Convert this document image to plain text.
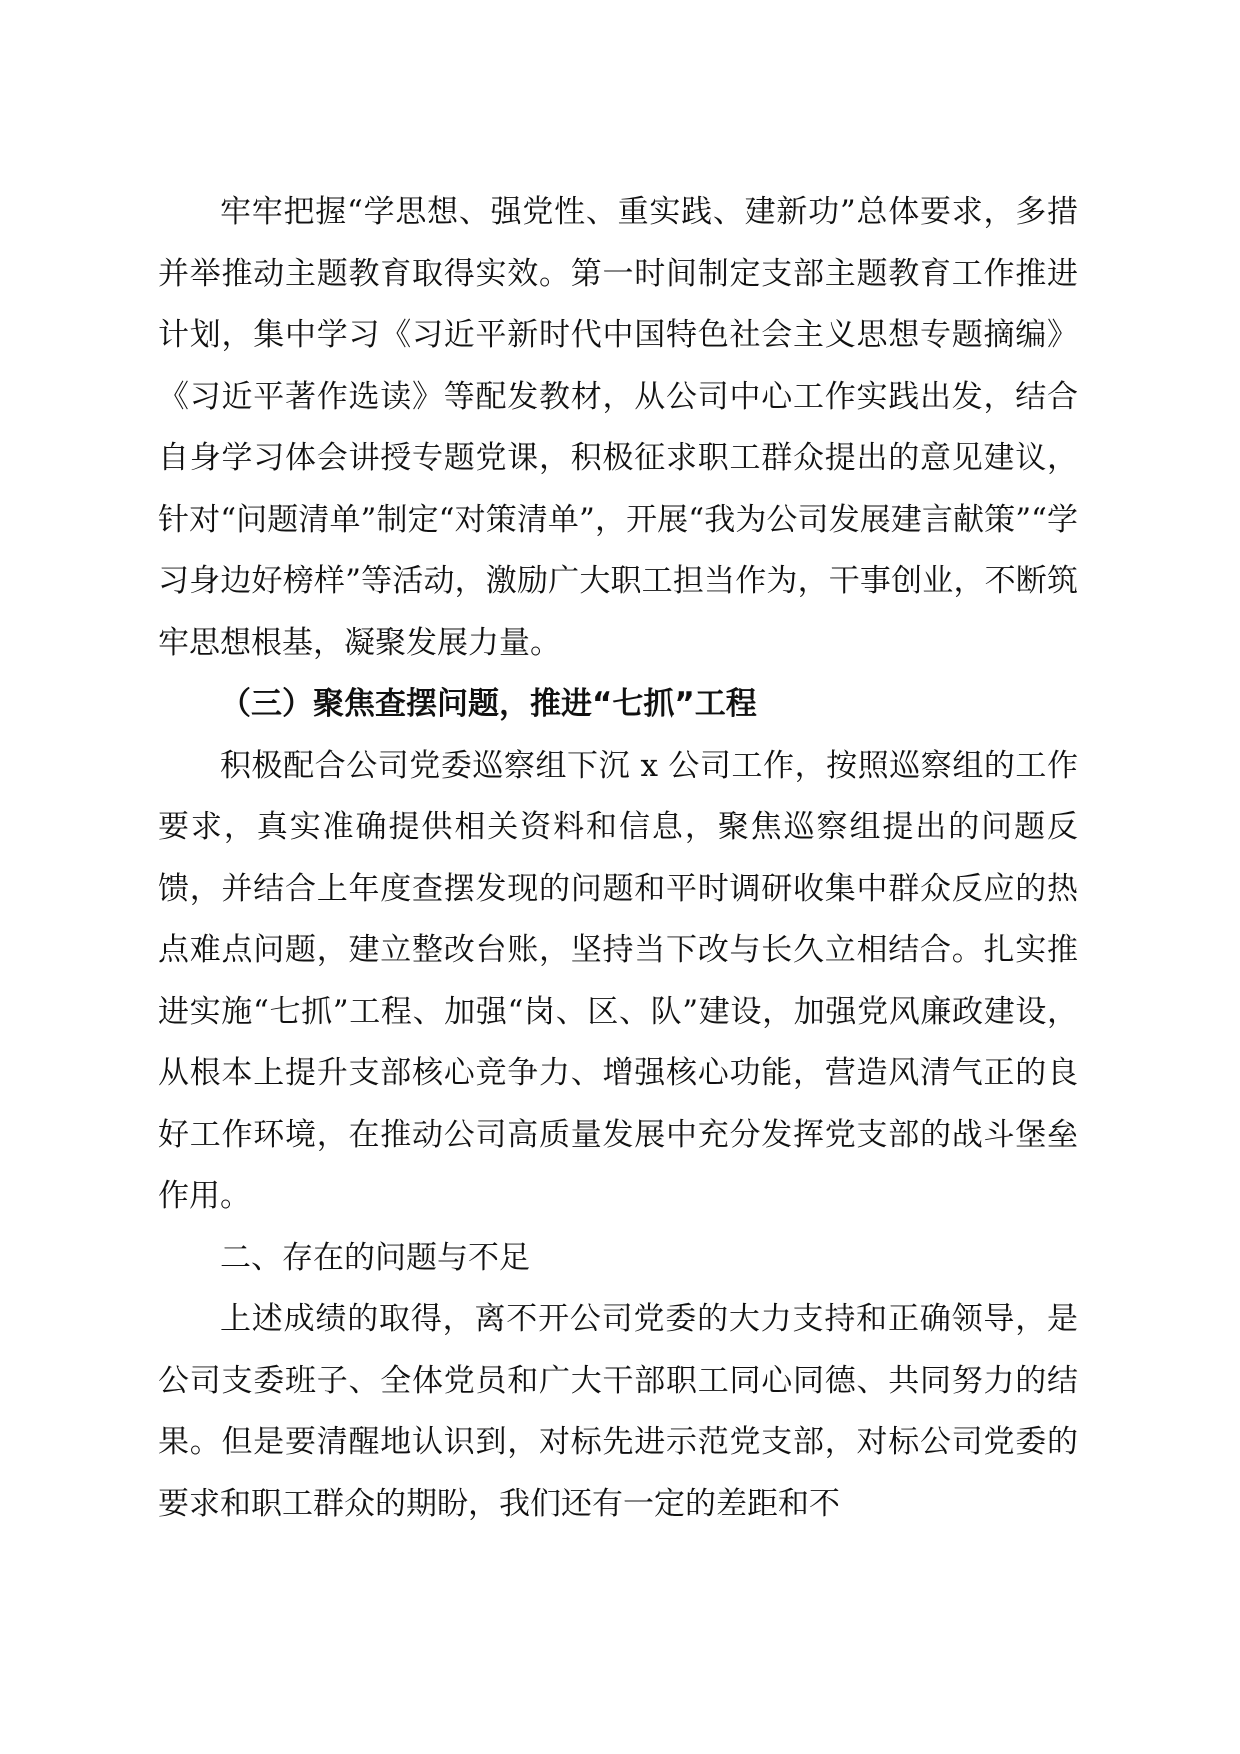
牢牢把握“学思想、强党性、重实践、建新功”总体要求，多措并举推动主题教育取得实效。第一时间制定支部主题教育工作推进计划，集中学习《习近平新时代中国特色社会主义思想专题摘编》《习近平著作选读》等配发教材，从公司中心工作实践出发，结合自身学习体会讲授专题党课，积极征求职工群众提出的意见建议，针对“问题清单”制定“对策清单”，开展“我为公司发展建言献策”“学习身边好榜样”等活动，激励广大职工担当作为，干事创业，不断筑牢思想根基，凝聚发展力量。

（三）聚焦查摆问题，推进“七抓”工程

积极配合公司党委巡察组下沉 x 公司工作，按照巡察组的工作要求，真实准确提供相关资料和信息，聚焦巡察组提出的问题反馈，并结合上年度查摆发现的问题和平时调研收集中群众反应的热点难点问题，建立整改台账，坚持当下改与长久立相结合。扎实推进实施“七抓”工程、加强“岗、区、队”建设，加强党风廉政建设，从根本上提升支部核心竞争力、增强核心功能，营造风清气正的良好工作环境，在推动公司高质量发展中充分发挥党支部的战斗堡垒作用。

二、存在的问题与不足

上述成绩的取得，离不开公司党委的大力支持和正确领导，是公司支委班子、全体党员和广大干部职工同心同德、共同努力的结果。但是要清醒地认识到，对标先进示范党支部，对标公司党委的要求和职工群众的期盼，我们还有一定的差距和不
